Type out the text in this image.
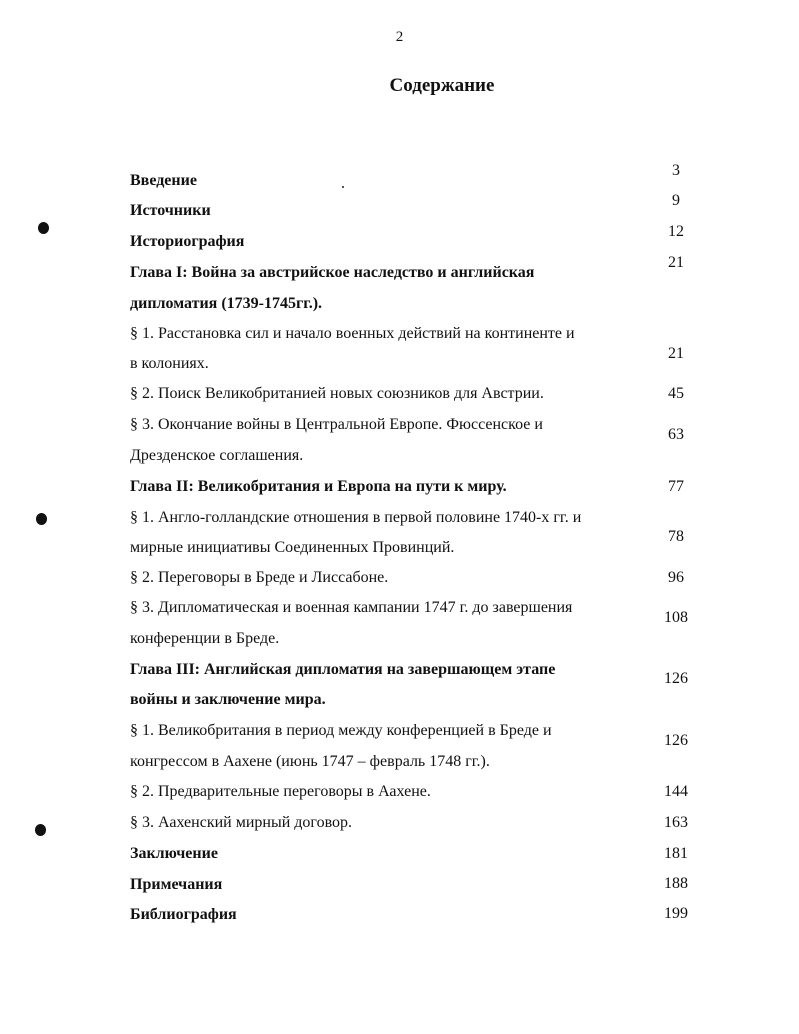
2
Содержание
Введение
3
Источники
9
Историография
12
Глава I: Война за австрийское наследство и английская
дипломатия (1739-1745гг.).
21
§ 1. Расстановка сил и начало военных действий на континенте и
в колониях.
21
§ 2. Поиск Великобританией новых союзников для Австрии.	45
§ 3. Окончание войны в Центральной Европе. Фюссенское и
Дрезденское соглашения.
63
Глава II: Великобритания и Европа на пути к миру.	77
§ 1. Англо-голландские отношения в первой половине 1740-х гг. и
мирные инициативы Соединенных Провинций.
78
§ 2. Переговоры в Бреде и Лиссабоне.	96
§ 3. Дипломатическая и военная кампании 1747 г. до завершения
конференции в Бреде.
108
Глава III: Английская дипломатия на завершающем этапе
войны и заключение мира.
126
§ 1. Великобритания в период между конференцией в Бреде и
конгрессом в Аахене (июнь 1747 – февраль 1748 гг.).
126
§ 2. Предварительные переговоры в Аахене.	144
§ 3. Аахенский мирный договор.	163
Заключение	181
Примечания	188
Библиография	199
